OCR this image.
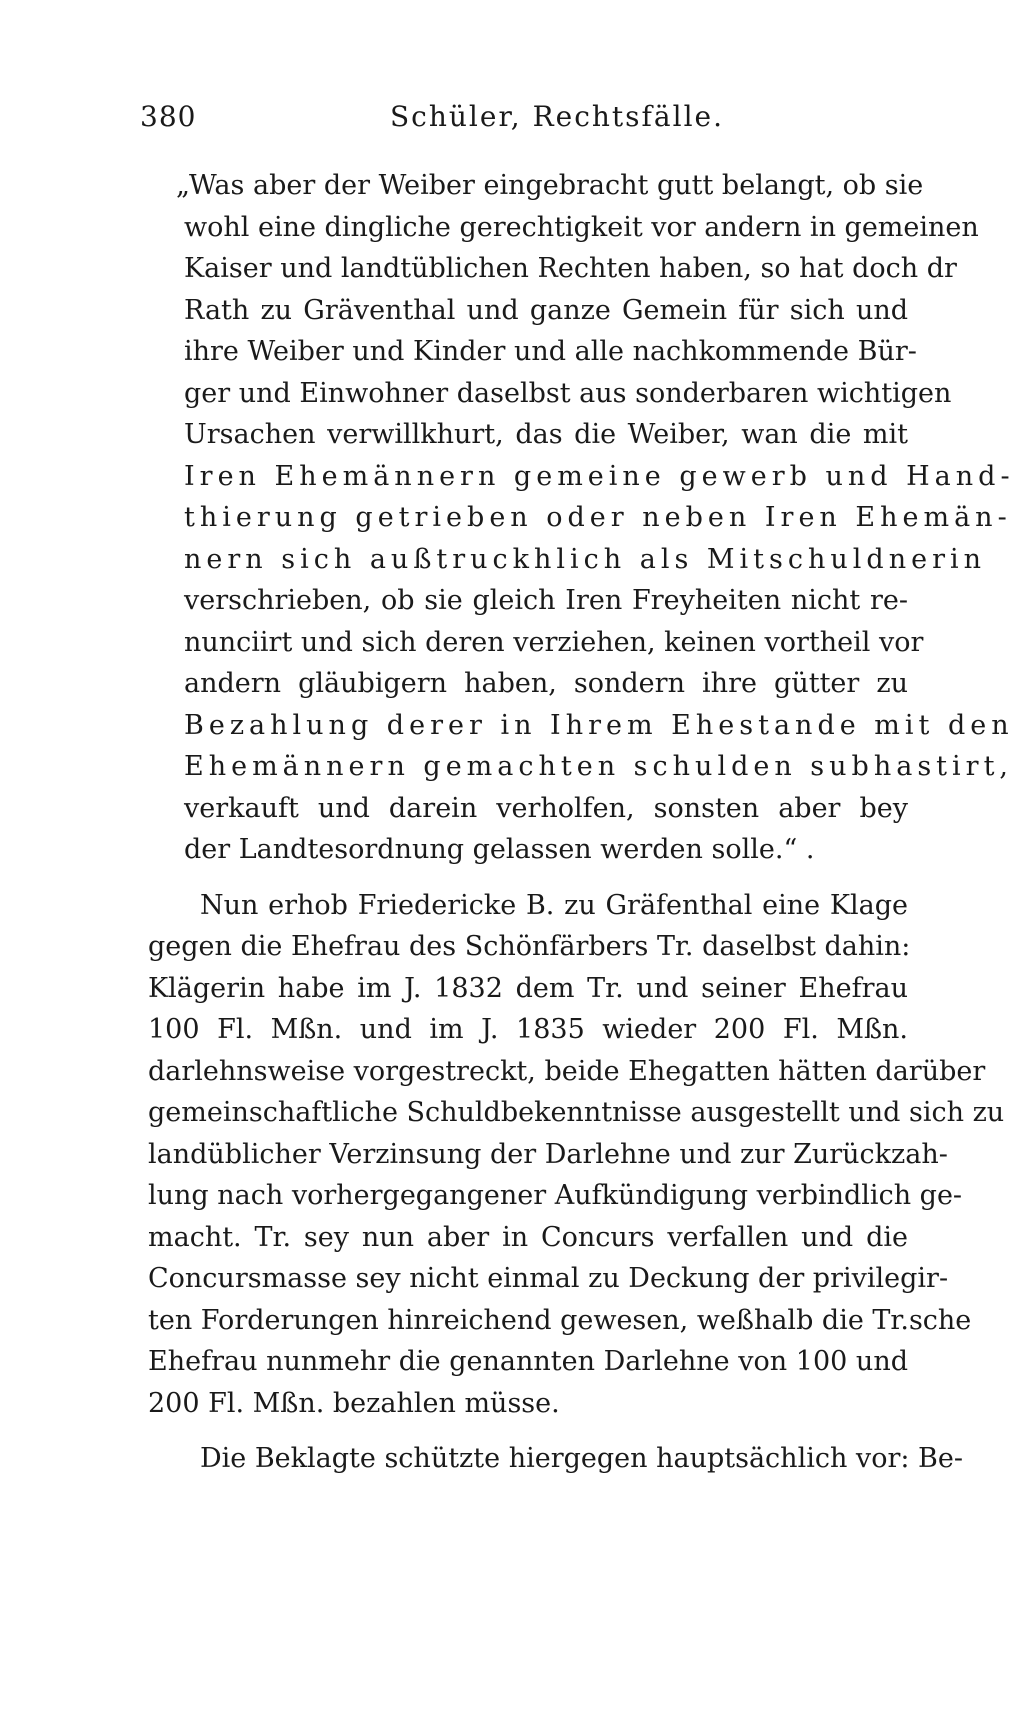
380	Schüler, Rechtsfälle.
„Was aber der Weiber eingebracht gutt belangt, ob sie
wohl eine dingliche gerechtigkeit vor andern in gemeinen
Kaiser und landtüblichen Rechten haben, so hat doch dr
Rath zu Gräventhal und ganze Gemein für sich und
ihre Weiber und Kinder und alle nachkommende Bür-
ger und Einwohner daselbst aus sonderbaren wichtigen
Ursachen verwillkhurt, das die Weiber, wan die mit
Iren Ehemännern gemeine gewerb und Hand-
thierung getrieben oder neben Iren Ehemän-
nern sich außtruckhlich als Mitschuldnerin
verschrieben, ob sie gleich Iren Freyheiten nicht re-
nunciirt und sich deren verziehen, keinen vortheil vor
andern gläubigern haben, sondern ihre gütter zu
Bezahlung derer in Ihrem Ehestande mit den
Ehemännern gemachten schulden subhastirt,
verkauft und darein verholfen, sonsten aber bey
der Landtesordnung gelassen werden solle.“ .
Nun erhob Friedericke B. zu Gräfenthal eine Klage
gegen die Ehefrau des Schönfärbers Tr. daselbst dahin:
Klägerin habe im J. 1832 dem Tr. und seiner Ehefrau
100 Fl. Mßn. und im J. 1835 wieder 200 Fl. Mßn.
darlehnsweise vorgestreckt, beide Ehegatten hätten darüber
gemeinschaftliche Schuldbekenntnisse ausgestellt und sich zu
landüblicher Verzinsung der Darlehne und zur Zurückzah-
lung nach vorhergegangener Aufkündigung verbindlich ge-
macht. Tr. sey nun aber in Concurs verfallen und die
Concursmasse sey nicht einmal zu Deckung der privilegir-
ten Forderungen hinreichend gewesen, weßhalb die Tr.sche
Ehefrau nunmehr die genannten Darlehne von 100 und
200 Fl. Mßn. bezahlen müsse.
Die Beklagte schützte hiergegen hauptsächlich vor: Be-
